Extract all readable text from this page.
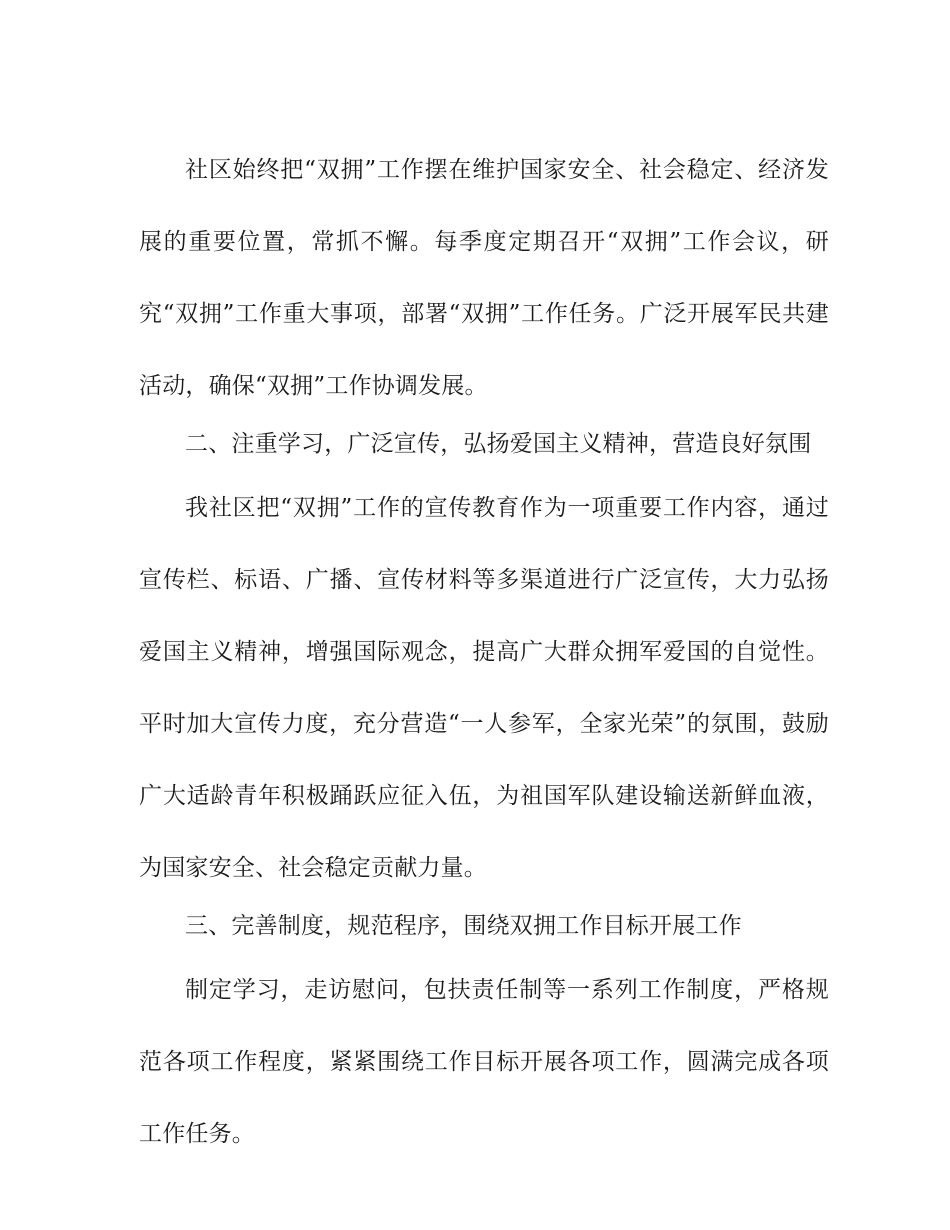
社区始终把“双拥”工作摆在维护国家安全、社会稳定、经济发展的重要位置，常抓不懈。每季度定期召开“双拥”工作会议，研究“双拥”工作重大事项，部署“双拥”工作任务。广泛开展军民共建活动，确保“双拥”工作协调发展。

二、注重学习，广泛宣传，弘扬爱国主义精神，营造良好氛围

我社区把“双拥”工作的宣传教育作为一项重要工作内容，通过宣传栏、标语、广播、宣传材料等多渠道进行广泛宣传，大力弘扬爱国主义精神，增强国际观念，提高广大群众拥军爱国的自觉性。平时加大宣传力度，充分营造“一人参军，全家光荣”的氛围，鼓励广大适龄青年积极踊跃应征入伍，为祖国军队建设输送新鲜血液，为国家安全、社会稳定贡献力量。

三、完善制度，规范程序，围绕双拥工作目标开展工作

制定学习，走访慰问，包扶责任制等一系列工作制度，严格规范各项工作程度，紧紧围绕工作目标开展各项工作，圆满完成各项工作任务。
